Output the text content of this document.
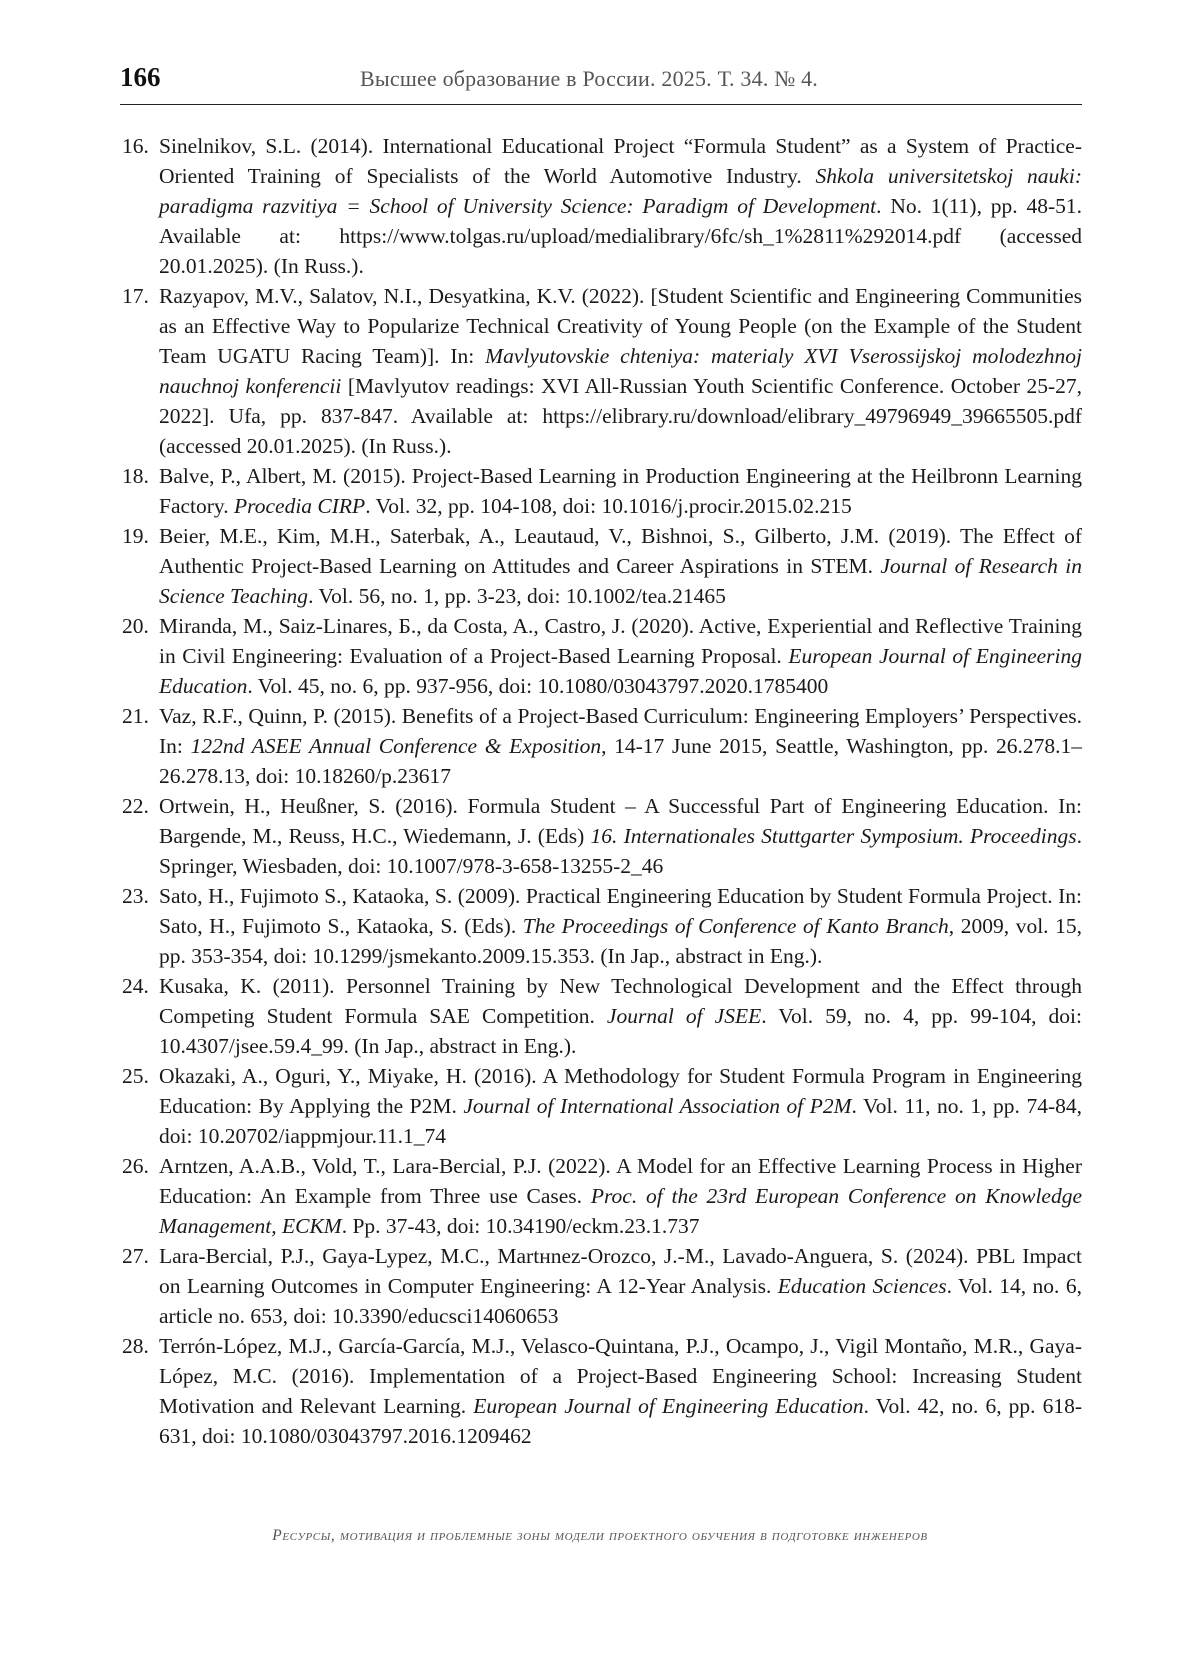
166	Высшее образование в России. 2025. Т. 34. № 4.
16. Sinelnikov, S.L. (2014). International Educational Project “Formula Student” as a System of Practice-Oriented Training of Specialists of the World Automotive Industry. Shkola universitetskoj nauki: paradigma razvitiya = School of University Science: Paradigm of Development. No. 1(11), pp. 48-51. Available at: https://www.tolgas.ru/upload/medialibrary/6fc/sh_1%2811%292014.pdf (accessed 20.01.2025). (In Russ.).
17. Razyapov, M.V., Salatov, N.I., Desyatkina, K.V. (2022). [Student Scientific and Engineering Communities as an Effective Way to Popularize Technical Creativity of Young People (on the Example of the Student Team UGATU Racing Team)]. In: Mavlyutovskie chteniya: materialy XVI Vserossijskoj molodezhnoj nauchnoj konferencii [Mavlyutov readings: XVI All-Russian Youth Scientific Conference. October 25-27, 2022]. Ufa, pp. 837-847. Available at: https://elibrary.ru/download/elibrary_49796949_39665505.pdf (accessed 20.01.2025). (In Russ.).
18. Balve, P., Albert, M. (2015). Project-Based Learning in Production Engineering at the Heilbronn Learning Factory. Procedia CIRP. Vol. 32, pp. 104-108, doi: 10.1016/j.procir.2015.02.215
19. Beier, M.E., Kim, M.H., Saterbak, A., Leautaud, V., Bishnoi, S., Gilberto, J.M. (2019). The Effect of Authentic Project-Based Learning on Attitudes and Career Aspirations in STEM. Journal of Research in Science Teaching. Vol. 56, no. 1, pp. 3-23, doi: 10.1002/tea.21465
20. Miranda, M., Saiz-Linares, Б., da Costa, A., Castro, J. (2020). Active, Experiential and Reflective Training in Civil Engineering: Evaluation of a Project-Based Learning Proposal. European Journal of Engineering Education. Vol. 45, no. 6, pp. 937-956, doi: 10.1080/03043797.2020.1785400
21. Vaz, R.F., Quinn, P. (2015). Benefits of a Project-Based Curriculum: Engineering Employers’ Perspectives. In: 122nd ASEE Annual Conference & Exposition, 14-17 June 2015, Seattle, Washington, pp. 26.278.1–26.278.13, doi: 10.18260/p.23617
22. Ortwein, H., Heußner, S. (2016). Formula Student – A Successful Part of Engineering Education. In: Bargende, M., Reuss, H.C., Wiedemann, J. (Eds) 16. Internationales Stuttgarter Symposium. Proceedings. Springer, Wiesbaden, doi: 10.1007/978-3-658-13255-2_46
23. Sato, H., Fujimoto S., Kataoka, S. (2009). Practical Engineering Education by Student Formula Project. In: Sato, H., Fujimoto S., Kataoka, S. (Eds). The Proceedings of Conference of Kanto Branch, 2009, vol. 15, pp. 353-354, doi: 10.1299/jsmekanto.2009.15.353. (In Jap., abstract in Eng.).
24. Kusaka, K. (2011). Personnel Training by New Technological Development and the Effect through Competing Student Formula SAE Competition. Journal of JSEE. Vol. 59, no. 4, pp. 99-104, doi: 10.4307/jsee.59.4_99. (In Jap., abstract in Eng.).
25. Okazaki, A., Oguri, Y., Miyake, H. (2016). A Methodology for Student Formula Program in Engineering Education: By Applying the P2M. Journal of International Association of P2M. Vol. 11, no. 1, pp. 74-84, doi: 10.20702/iappmjour.11.1_74
26. Arntzen, A.A.B., Vold, T., Lara-Bercial, P.J. (2022). A Model for an Effective Learning Process in Higher Education: An Example from Three use Cases. Proc. of the 23rd European Conference on Knowledge Management, ECKM. Pp. 37-43, doi: 10.34190/eckm.23.1.737
27. Lara-Bercial, P.J., Gaya-Lypez, M.C., Martнnez-Orozco, J.-M., Lavado-Anguera, S. (2024). PBL Impact on Learning Outcomes in Computer Engineering: A 12-Year Analysis. Education Sciences. Vol. 14, no. 6, article no. 653, doi: 10.3390/educsci14060653
28. Terrón-López, M.J., García-García, M.J., Velasco-Quintana, P.J., Ocampo, J., Vigil Montaño, M.R., Gaya-López, M.C. (2016). Implementation of a Project-Based Engineering School: Increasing Student Motivation and Relevant Learning. European Journal of Engineering Education. Vol. 42, no. 6, pp. 618-631, doi: 10.1080/03043797.2016.1209462
Ресурсы, мотивация и проблемные зоны модели проектного обучения в подготовке инженеров
